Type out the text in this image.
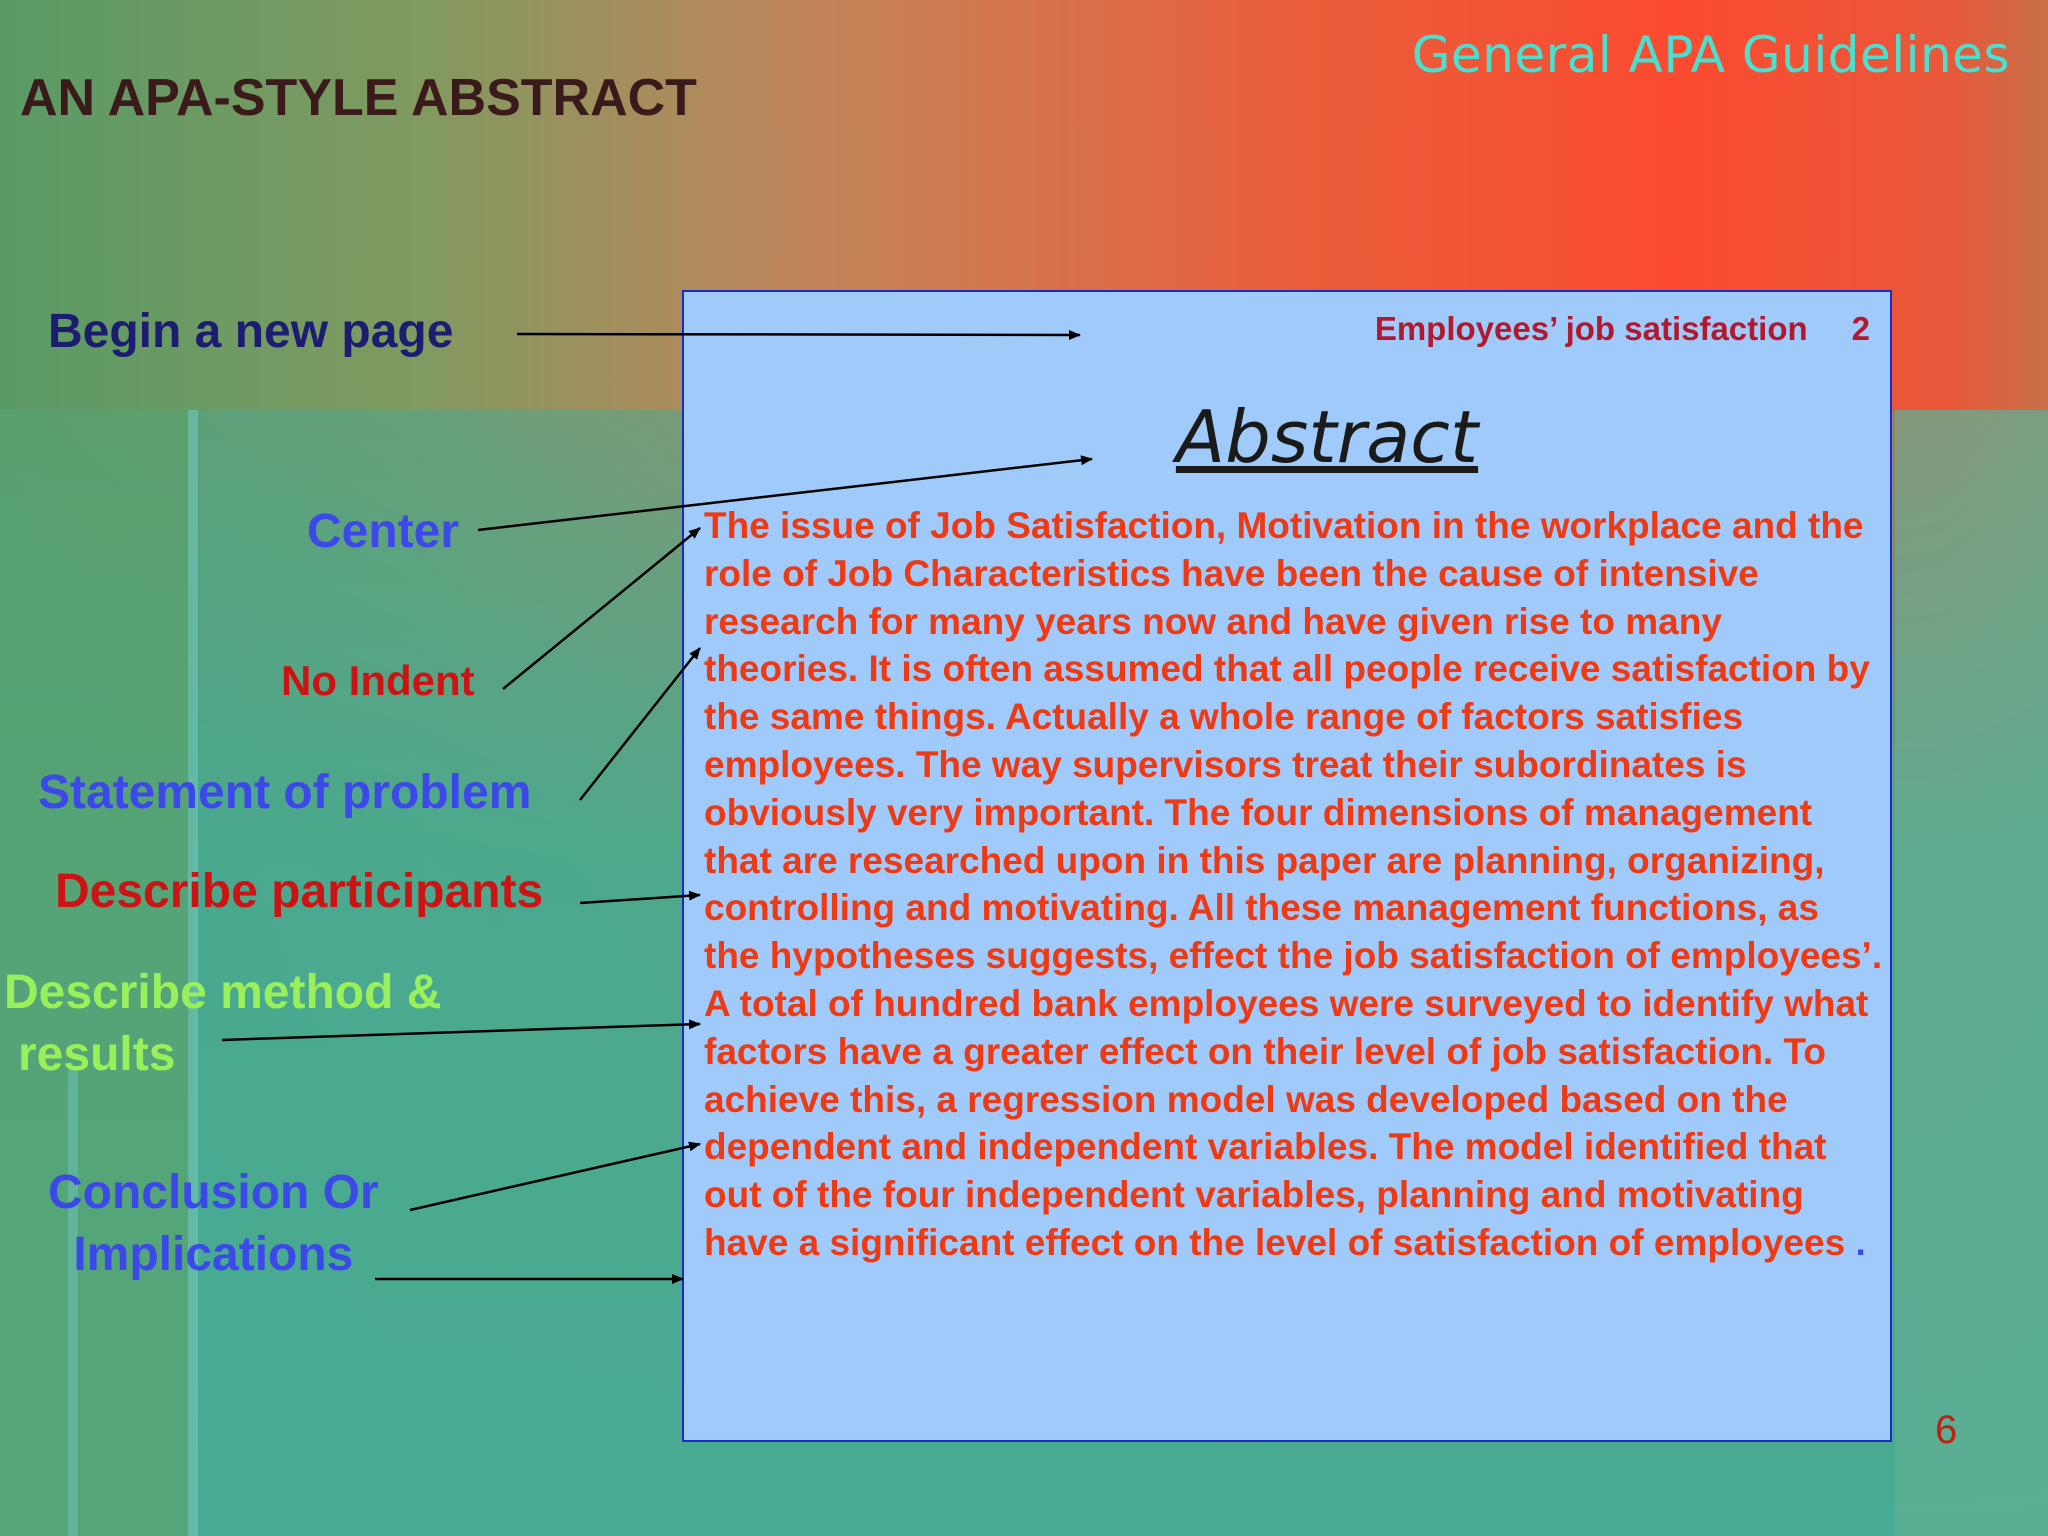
General APA Guidelines
AN APA-STYLE ABSTRACT
Begin a new page
Center
No Indent
Statement of problem
Describe participants
Describe method &
results
Conclusion Or
Implications
Employees’ job satisfaction 2
Abstract
The issue of Job Satisfaction, Motivation in the workplace and the role of Job Characteristics have been the cause of intensive research for many years now and have given rise to many theories. It is often assumed that all people receive satisfaction by the same things. Actually a whole range of factors satisfies employees. The way supervisors treat their subordinates is obviously very important. The four dimensions of management that are researched upon in this paper are planning, organizing, controlling and motivating. All these management functions, as the hypotheses suggests, effect the job satisfaction of employees’. A total of hundred bank employees were surveyed to identify what factors have a greater effect on their level of job satisfaction. To achieve this, a regression model was developed based on the dependent and independent variables. The model identified that out of the four independent variables, planning and motivating have a significant effect on the level of satisfaction of employees .
6
